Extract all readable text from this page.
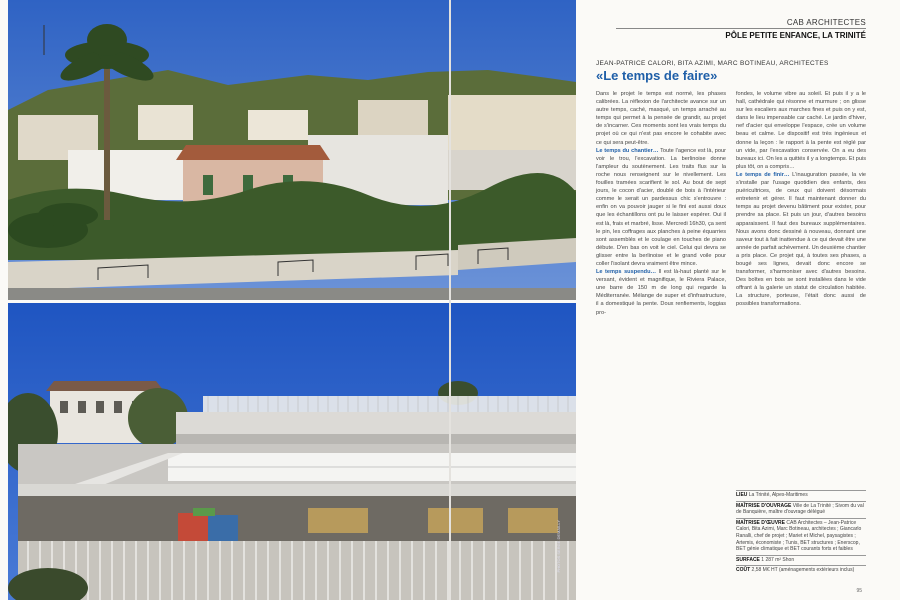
PHOTOS SERGE DEMAILLY
CAB ARCHITECTES
PÔLE PETITE ENFANCE, LA TRINITÉ
JEAN-PATRICE CALORI, BITA AZIMI, MARC BOTINEAU, ARCHITECTES
«Le temps de faire»

Dans le projet le temps est normé, les phases calibrées. La réflexion de l'architecte avance sur un autre temps, caché, masqué, un temps arraché au temps qui permet à la pensée de grandir, au projet de s'incarner. Ces moments sont les vrais temps du projet où ce qui n'est pas encore le cohabite avec ce qui sera peut-être.

Le temps du chantier… Toute l'agence est là, pour voir le trou, l'excavation. La berlinoise donne l'ampleur du soutènement. Les traits flus sur la roche nous renseignent sur le nivellement. Les fouilles tramées scarifient le sol. Au bout de sept jours, le cocon d'acier, doublé de bois à l'intérieur comme le serait un pardessus chic s'entrouvre : enfin on va pouvoir jauger si le fini est aussi doux que les échantillons ont pu le laisser espérer. Oui il est là, frais et marbré, lisse. Mercredi 16h30, ça sent le pin, les coffrages aux planches à peine équarries sont assemblés et le coulage en touches de piano débute. D'en bas on voit le ciel. Celui qui devra se glisser entre la berlinoise et le grand voile pour coller l'isolant devra vraiment être mince.

Le temps suspendu… Il est là-haut planté sur le versant, évident et magnifique, le Riviera Palace, une barre de 150 m de long qui regarde la Méditerranée. Mélange de super et d'infrastructure, il a domestiqué la pente. Doux renfiements, loggias pro-

fondes, le volume vibre au soleil. Et puis il y a le hall, cathédrale qui résonne et murmure ; on glisse sur les escaliers aux marches fines et puis on y est, dans le lieu impensable car caché. Le jardin d'hiver, nef d'acier qui enveloppe l'espace, crée un volume beau et calme. Le dispositif est très ingénieux et donne la leçon : le rapport à la pente est réglé par un vide, par l'excavation conservée. On a eu des bureaux ici. On les a quittés il y a longtemps. Et puis plus tôt, on a compris…

Le temps de finir… L'inauguration passée, la vie s'installe par l'usage quotidien des enfants, des puéricultrices, de ceux qui doivent désormais entretenir et gérer. Il faut maintenant donner du temps au projet devenu bâtiment pour exister, pour prendre sa place. Et puis un jour, d'autres besoins apparaissent. Il faut des bureaux supplémentaires. Nous avons donc dessiné à nouveau, donnant une saveur tout à fait inattendue à ce qui devait être une année de parfait achèvement. Un deuxième chantier a pris place. Ce projet qui, à toutes ses phases, a bougé ses lignes, devait donc encore se transformer, s'harmoniser avec d'autres besoins. Des boîtes en bois se sont installées dans le vide offrant à la galerie un statut de circulation habitée. La structure, porteuse, l'était donc aussi de possibles transformations.

LIEU La Trinité, Alpes-Maritimes
MAÎTRISE D'OUVRAGE Ville de La Trinité ; Sivom du val de Banquière, maître d'ouvrage délégué
MAÎTRISE D'ŒUVRE CAB Architectes – Jean-Patrice Calori, Bita Azimi, Marc Botineau, architectes ; Giancarlo Ranalli, chef de projet ; Mariet et Michel, paysagistes ; Artemis, économiste ; Tunis, BET structures ; Enerscop, BET génie climatique et BET courants forts et faibles
SURFACE 1 287 m² Shon
COÛT 2,58 M€ HT (aménagements extérieurs inclus)
95
